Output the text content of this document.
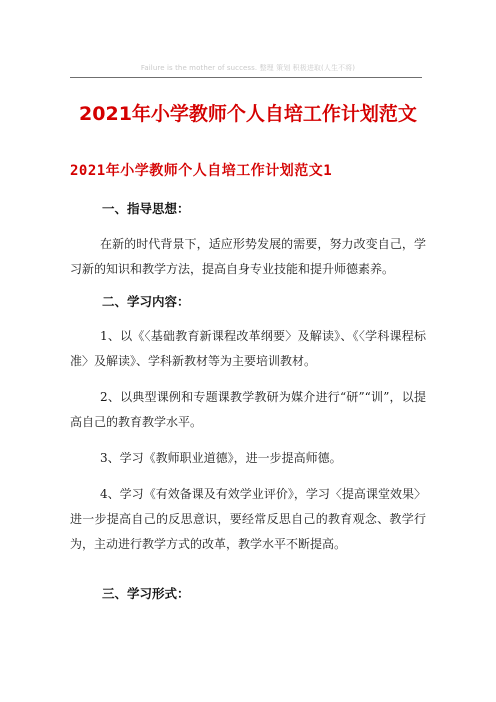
Failure is the mother of success. 整理 策划 积极进取(人生不将)
2021年小学教师个人自培工作计划范文
2021年小学教师个人自培工作计划范文1
一、指导思想：
在新的时代背景下，适应形势发展的需要，努力改变自己，学习新的知识和教学方法，提高自身专业技能和提升师德素养。
二、学习内容：
1、以《〈基础教育新课程改革纲要〉及解读》、《〈学科课程标准〉及解读》、学科新教材等为主要培训教材。
2、以典型课例和专题课教学教研为媒介进行“研”“训”，以提高自己的教育教学水平。
3、学习《教师职业道德》，进一步提高师德。
4、学习《有效备课及有效学业评价》，学习〈提高课堂效果〉进一步提高自己的反思意识，要经常反思自己的教育观念、教学行为，主动进行教学方式的改革，教学水平不断提高。
三、学习形式：
